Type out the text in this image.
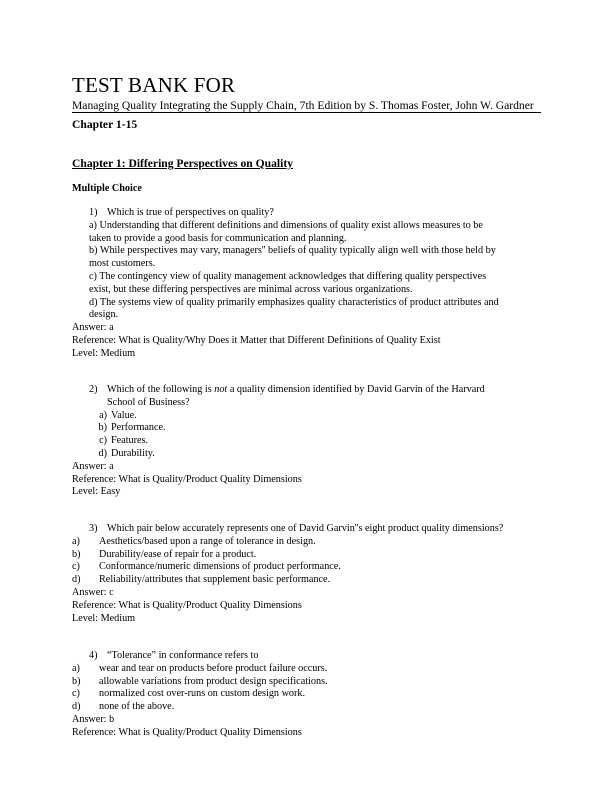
TEST BANK FOR
Managing Quality Integrating the Supply Chain, 7th Edition by S. Thomas Foster, John W. Gardner
Chapter 1-15
Chapter 1: Differing Perspectives on Quality
Multiple Choice
1) Which is true of perspectives on quality?
a) Understanding that different definitions and dimensions of quality exist allows measures to be
taken to provide a good basis for communication and planning.
b) While perspectives may vary, managers'' beliefs of quality typically align well with those held by
most customers.
c) The contingency view of quality management acknowledges that differing quality perspectives
exist, but these differing perspectives are minimal across various organizations.
d) The systems view of quality primarily emphasizes quality characteristics of product attributes and
design.
Answer: a
Reference: What is Quality/Why Does it Matter that Different Definitions of Quality Exist
Level: Medium
2) Which of the following is not a quality dimension identified by David Garvin of the Harvard
School of Business?
a) Value.
b) Performance.
c) Features.
d) Durability.
Answer: a
Reference: What is Quality/Product Quality Dimensions
Level: Easy
3) Which pair below accurately represents one of David Garvin''s eight product quality dimensions?
a) Aesthetics/based upon a range of tolerance in design.
b) Durability/ease of repair for a product.
c) Conformance/numeric dimensions of product performance.
d) Reliability/attributes that supplement basic performance.
Answer: c
Reference: What is Quality/Product Quality Dimensions
Level: Medium
4) “Tolerance” in conformance refers to
a) wear and tear on products before product failure occurs.
b) allowable variations from product design specifications.
c) normalized cost over-runs on custom design work.
d) none of the above.
Answer: b
Reference: What is Quality/Product Quality Dimensions
